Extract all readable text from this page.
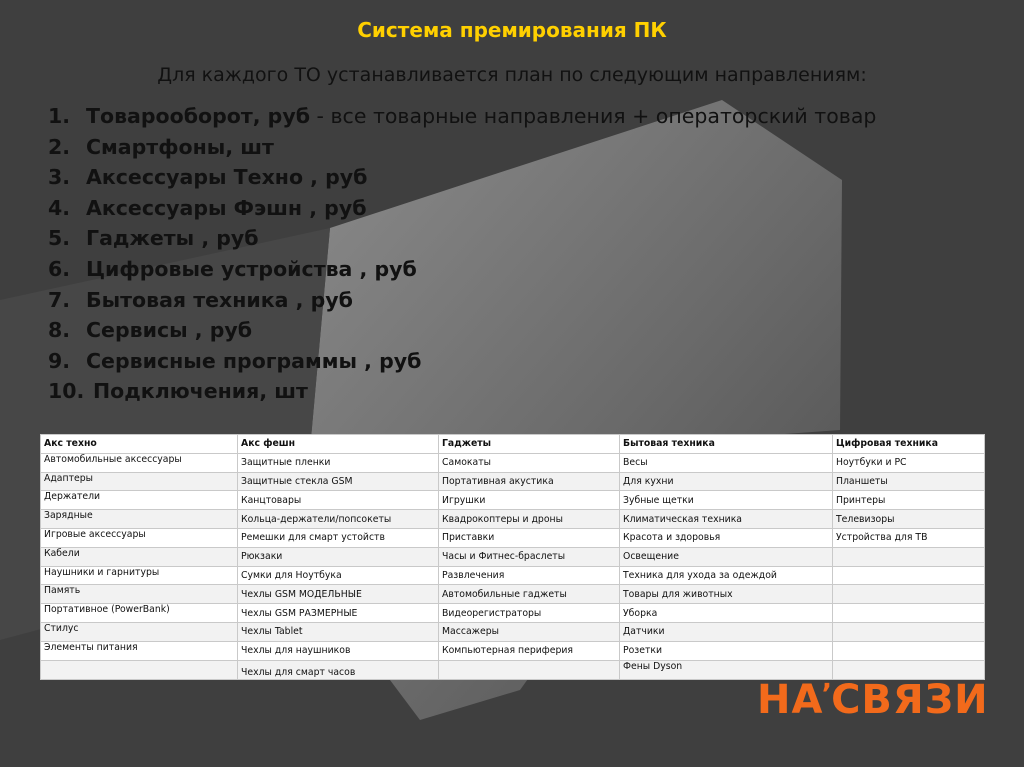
Система премирования ПК
Для каждого ТО устанавливается план по следующим направлениям:
1. Товарооборот, руб - все товарные направления + операторский товар
2. Смартфоны, шт
3. Аксессуары Техно , руб
4. Аксессуары Фэшн , руб
5. Гаджеты , руб
6. Цифровые устройства , руб
7. Бытовая техника , руб
8. Сервисы , руб
9. Сервисные программы , руб
10. Подключения, шт
Акс техно	Акс фешн	Гаджеты	Бытовая техника	Цифровая техника
Автомобильные аксессуары	Защитные пленки	Самокаты	Весы	Ноутбуки и PC
Адаптеры	Защитные стекла GSM	Портативная акустика	Для кухни	Планшеты
Держатели	Канцтовары	Игрушки	Зубные щетки	Принтеры
Зарядные	Кольца-держатели/попсокеты	Квадрокоптеры и дроны	Климатическая техника	Телевизоры
Игровые аксессуары	Ремешки для смарт устойств	Приставки	Красота и здоровья	Устройства для ТВ
Кабели	Рюкзаки	Часы и Фитнес-браслеты	Освещение	
Наушники и гарнитуры	Сумки для Ноутбука	Развлечения	Техника для ухода за одеждой	
Память	Чехлы GSM МОДЕЛЬНЫЕ	Автомобильные гаджеты	Товары для животных	
Портативное (PowerBank)	Чехлы GSM РАЗМЕРНЫЕ	Видеорегистраторы	Уборка	
Стилус	Чехлы Tablet	Массажеры	Датчики	
Элементы питания	Чехлы для наушников	Компьютерная периферия	Розетки	
	Чехлы для смарт часов		Фены Dyson	
НАʼСВЯЗИ
